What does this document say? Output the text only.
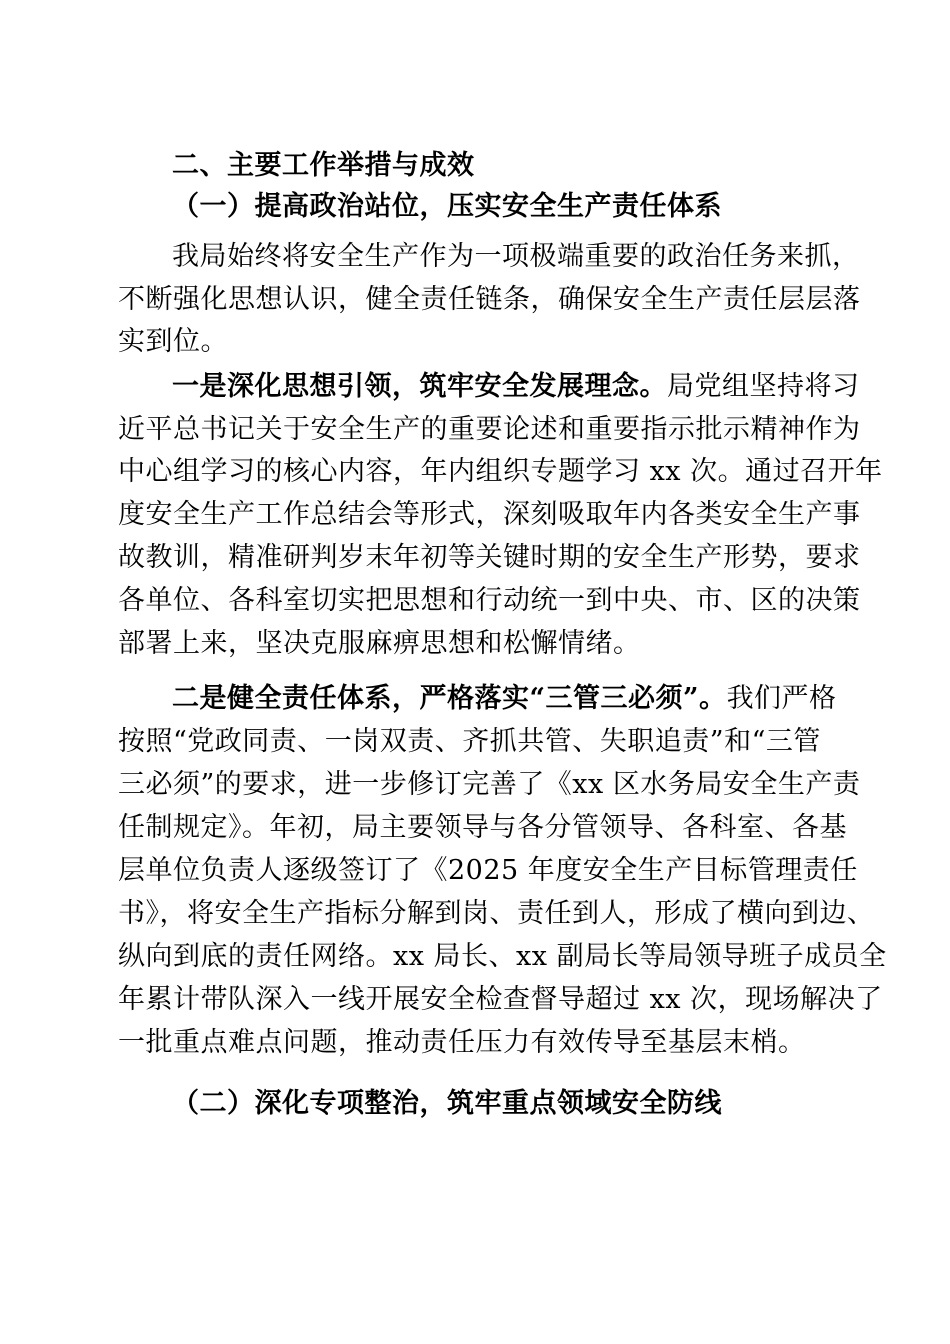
二、主要工作举措与成效
（一）提高政治站位，压实安全生产责任体系
我局始终将安全生产作为一项极端重要的政治任务来抓，
不断强化思想认识，健全责任链条，确保安全生产责任层层落
实到位。
一是深化思想引领，筑牢安全发展理念。局党组坚持将习
近平总书记关于安全生产的重要论述和重要指示批示精神作为
中心组学习的核心内容，年内组织专题学习 xx 次。通过召开年
度安全生产工作总结会等形式，深刻吸取年内各类安全生产事
故教训，精准研判岁末年初等关键时期的安全生产形势，要求
各单位、各科室切实把思想和行动统一到中央、市、区的决策
部署上来，坚决克服麻痹思想和松懈情绪。
二是健全责任体系，严格落实“三管三必须”。我们严格
按照“党政同责、一岗双责、齐抓共管、失职追责”和“三管
三必须”的要求，进一步修订完善了《xx 区水务局安全生产责
任制规定》。年初，局主要领导与各分管领导、各科室、各基
层单位负责人逐级签订了《2025 年度安全生产目标管理责任
书》，将安全生产指标分解到岗、责任到人，形成了横向到边、
纵向到底的责任网络。xx 局长、xx 副局长等局领导班子成员全
年累计带队深入一线开展安全检查督导超过 xx 次，现场解决了
一批重点难点问题，推动责任压力有效传导至基层末梢。
（二）深化专项整治，筑牢重点领域安全防线
